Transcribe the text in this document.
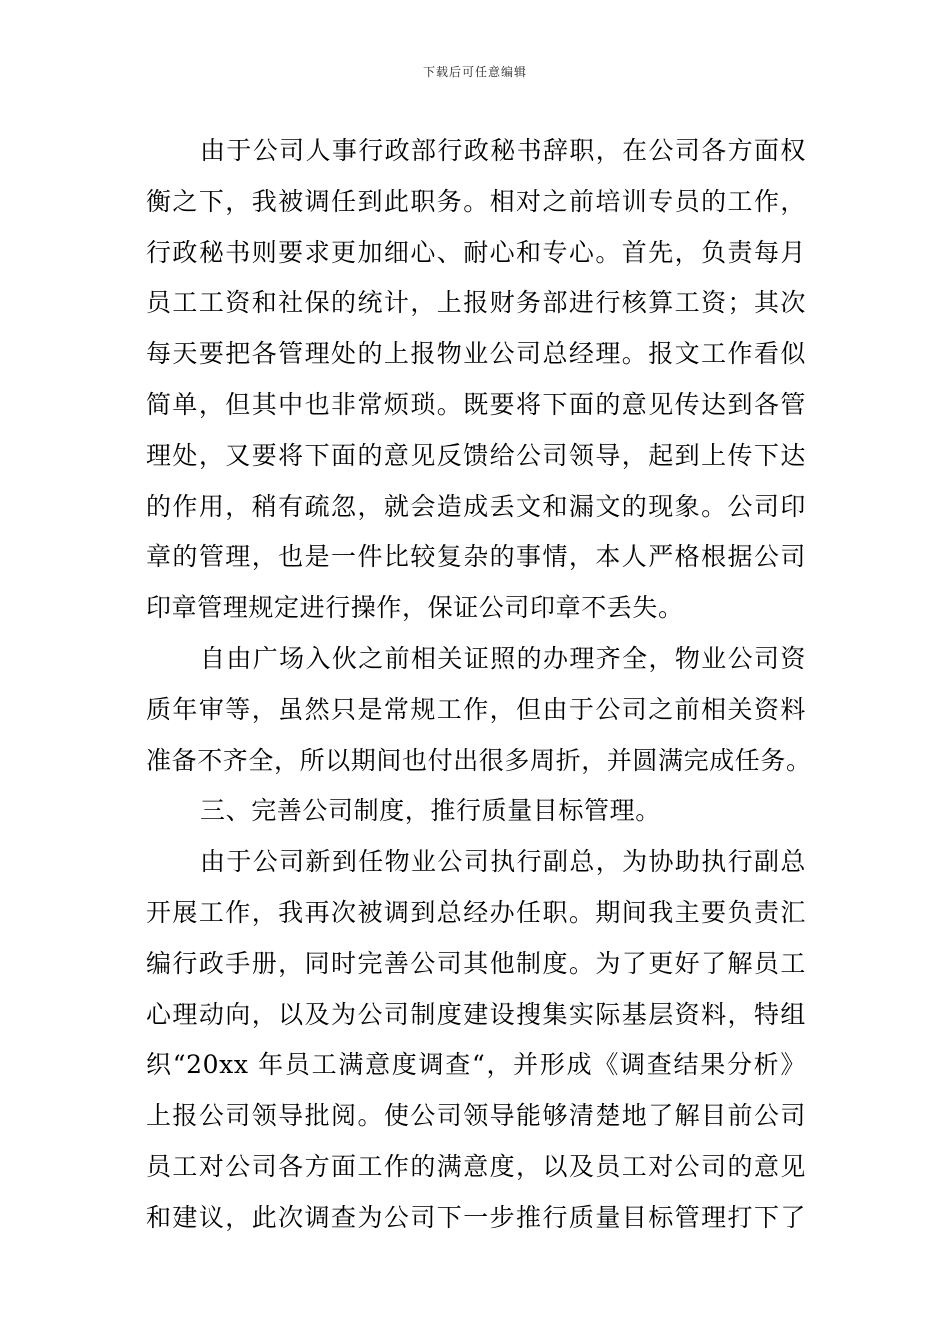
下载后可任意编辑
由于公司人事行政部行政秘书辞职，在公司各方面权
衡之下，我被调任到此职务。相对之前培训专员的工作，
行政秘书则要求更加细心、耐心和专心。首先，负责每月
员工工资和社保的统计，上报财务部进行核算工资；其次
每天要把各管理处的上报物业公司总经理。报文工作看似
简单，但其中也非常烦琐。既要将下面的意见传达到各管
理处，又要将下面的意见反馈给公司领导，起到上传下达
的作用，稍有疏忽，就会造成丢文和漏文的现象。公司印
章的管理，也是一件比较复杂的事情，本人严格根据公司
印章管理规定进行操作，保证公司印章不丢失。
自由广场入伙之前相关证照的办理齐全，物业公司资
质年审等，虽然只是常规工作，但由于公司之前相关资料
准备不齐全，所以期间也付出很多周折，并圆满完成任务。
三、完善公司制度，推行质量目标管理。
由于公司新到任物业公司执行副总，为协助执行副总
开展工作，我再次被调到总经办任职。期间我主要负责汇
编行政手册，同时完善公司其他制度。为了更好了解员工
心理动向，以及为公司制度建设搜集实际基层资料，特组
织“20xx 年员工满意度调查“，并形成《调查结果分析》
上报公司领导批阅。使公司领导能够清楚地了解目前公司
员工对公司各方面工作的满意度，以及员工对公司的意见
和建议，此次调查为公司下一步推行质量目标管理打下了
